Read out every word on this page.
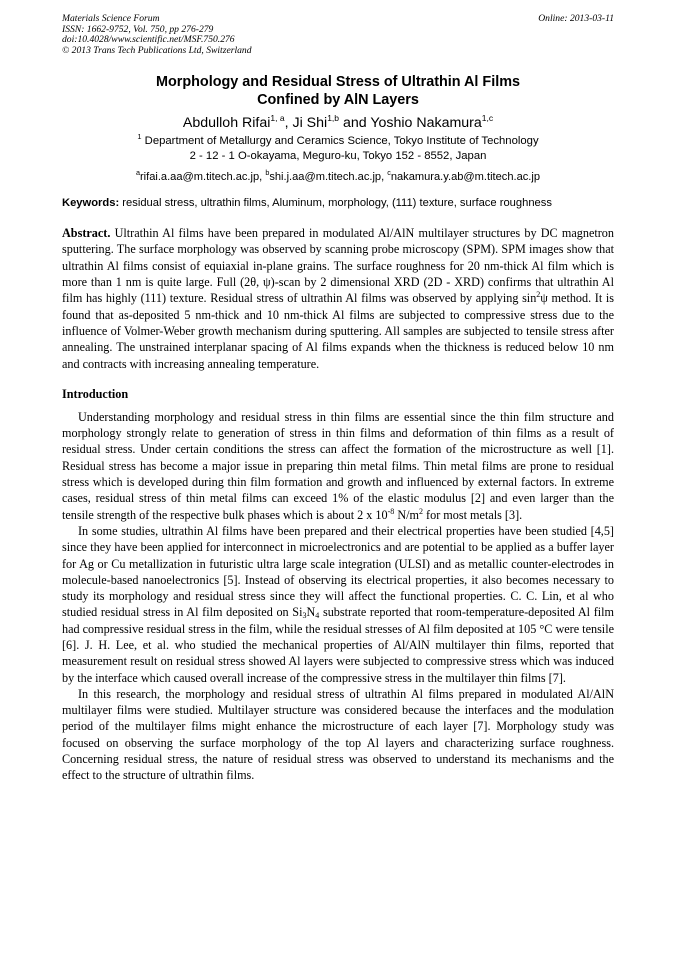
Materials Science Forum
ISSN: 1662-9752, Vol. 750, pp 276-279
doi:10.4028/www.scientific.net/MSF.750.276
© 2013 Trans Tech Publications Ltd, Switzerland
Online: 2013-03-11
Morphology and Residual Stress of Ultrathin Al Films
Confined by AlN Layers
Abdulloh Rifai$^{1, a}$, Ji Shi$^{1,b}$ and Yoshio Nakamura$^{1,c}$
$^1$ Department of Metallurgy and Ceramics Science, Tokyo Institute of Technology
2 - 12 - 1 O-okayama, Meguro-ku, Tokyo 152 - 8552, Japan
$^a$rifai.a.aa@m.titech.ac.jp, $^b$shi.j.aa@m.titech.ac.jp, $^c$nakamura.y.ab@m.titech.ac.jp
Keywords: residual stress, ultrathin films, Aluminum, morphology, (111) texture, surface roughness
Abstract. Ultrathin Al films have been prepared in modulated Al/AlN multilayer structures by DC magnetron sputtering. The surface morphology was observed by scanning probe microscopy (SPM). SPM images show that ultrathin Al films consist of equiaxial in-plane grains. The surface roughness for 20 nm-thick Al film which is more than 1 nm is quite large. Full (2θ, ψ)-scan by 2 dimensional XRD (2D - XRD) confirms that ultrathin Al film has highly (111) texture. Residual stress of ultrathin Al films was observed by applying $\sin^2\psi$ method. It is found that as-deposited 5 nm-thick and 10 nm-thick Al films are subjected to compressive stress due to the influence of Volmer-Weber growth mechanism during sputtering. All samples are subjected to tensile stress after annealing. The unstrained interplanar spacing of Al films expands when the thickness is reduced below 10 nm and contracts with increasing annealing temperature.
Introduction
Understanding morphology and residual stress in thin films are essential since the thin film structure and morphology strongly relate to generation of stress in thin films and deformation of thin films as a result of residual stress. Under certain conditions the stress can affect the formation of the microstructure as well [1]. Residual stress has become a major issue in preparing thin metal films. Thin metal films are prone to residual stress which is developed during thin film formation and growth and influenced by external factors. In extreme cases, residual stress of thin metal films can exceed 1% of the elastic modulus [2] and even larger than the tensile strength of the respective bulk phases which is about 2 x $10^{-8}$ $N/m^2$ for most metals [3].
In some studies, ultrathin Al films have been prepared and their electrical properties have been studied [4,5] since they have been applied for interconnect in microelectronics and are potential to be applied as a buffer layer for Ag or Cu metallization in futuristic ultra large scale integration (ULSI) and as metallic counter-electrodes in molecule-based nanoelectronics [5]. Instead of observing its electrical properties, it also becomes necessary to study its morphology and residual stress since they will affect the functional properties. C. C. Lin, et al who studied residual stress in Al film deposited on $Si_3N_4$ substrate reported that room-temperature-deposited Al film had compressive residual stress in the film, while the residual stresses of Al film deposited at 105 °C were tensile [6]. J. H. Lee, et al. who studied the mechanical properties of Al/AlN multilayer thin films, reported that measurement result on residual stress showed Al layers were subjected to compressive stress which was induced by the interface which caused overall increase of the compressive stress in the multilayer thin films [7].
In this research, the morphology and residual stress of ultrathin Al films prepared in modulated Al/AlN multilayer films were studied. Multilayer structure was considered because the interfaces and the modulation period of the multilayer films might enhance the microstructure of each layer [7]. Morphology study was focused on observing the surface morphology of the top Al layers and characterizing surface roughness. Concerning residual stress, the nature of residual stress was observed to understand its mechanisms and the effect to the structure of ultrathin films.
